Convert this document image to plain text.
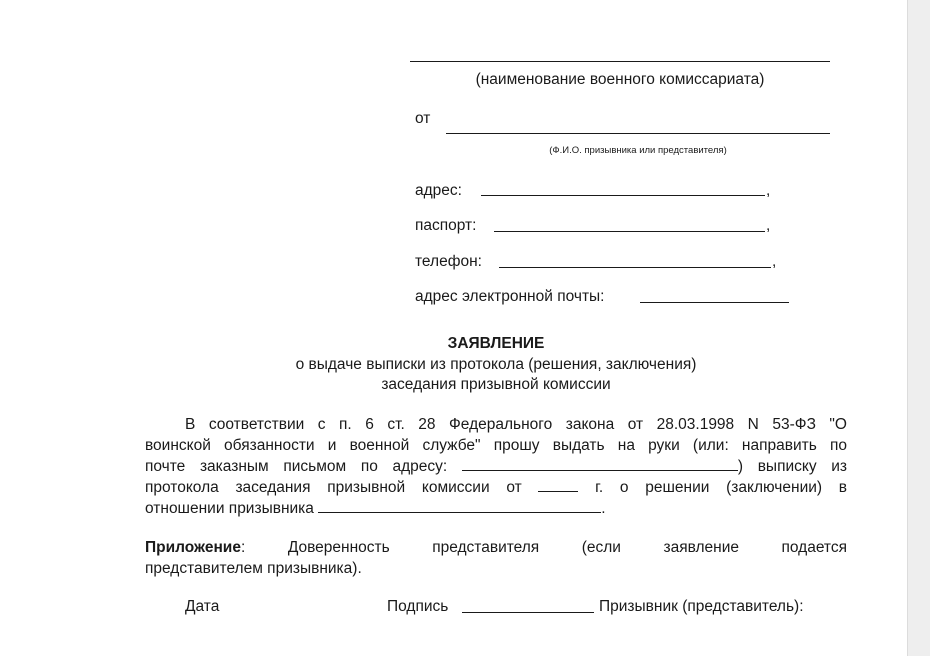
(наименование военного комиссариата)
от
(Ф.И.О. призывника или представителя)
адрес:	,
паспорт:	,
телефон:	,
адрес электронной почты:
ЗАЯВЛЕНИЕ
о выдаче выписки из протокола (решения, заключения)
заседания призывной комиссии
В соответствии с п. 6 ст. 28 Федерального закона от 28.03.1998 N 53-ФЗ "О
воинской обязанности и военной службе" прошу выдать на руки (или: направить по
почте заказным письмом по адресу:	) выписку из
протокола заседания призывной комиссии от	г. о решении (заключении) в
отношении призывника	.
Приложение:	Доверенность представителя (если заявление подается
представителем призывника).
Дата	Подпись	Призывник (представитель):
